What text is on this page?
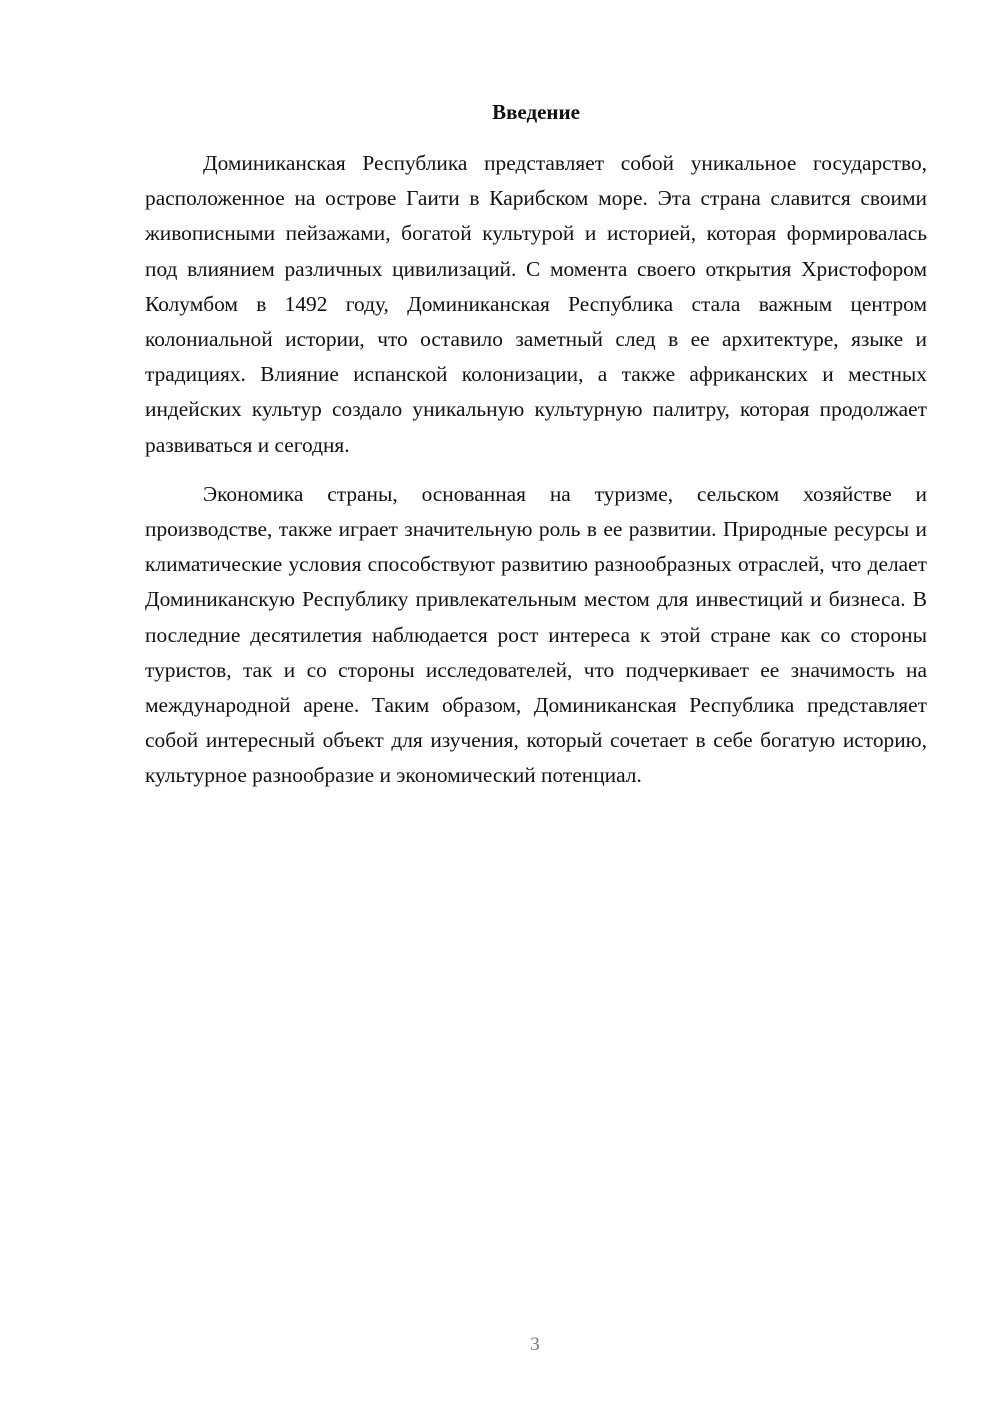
Введение

Доминиканская Республика представляет собой уникальное государство, расположенное на острове Гаити в Карибском море. Эта страна славится своими живописными пейзажами, богатой культурой и историей, которая формировалась под влиянием различных цивилизаций. С момента своего открытия Христофором Колумбом в 1492 году, Доминиканская Республика стала важным центром колониальной истории, что оставило заметный след в ее архитектуре, языке и традициях. Влияние испанской колонизации, а также африканских и местных индейских культур создало уникальную культурную палитру, которая продолжает развиваться и сегодня.

Экономика страны, основанная на туризме, сельском хозяйстве и производстве, также играет значительную роль в ее развитии. Природные ресурсы и климатические условия способствуют развитию разнообразных отраслей, что делает Доминиканскую Республику привлекательным местом для инвестиций и бизнеса. В последние десятилетия наблюдается рост интереса к этой стране как со стороны туристов, так и со стороны исследователей, что подчеркивает ее значимость на международной арене. Таким образом, Доминиканская Республика представляет собой интересный объект для изучения, который сочетает в себе богатую историю, культурное разнообразие и экономический потенциал.

3
